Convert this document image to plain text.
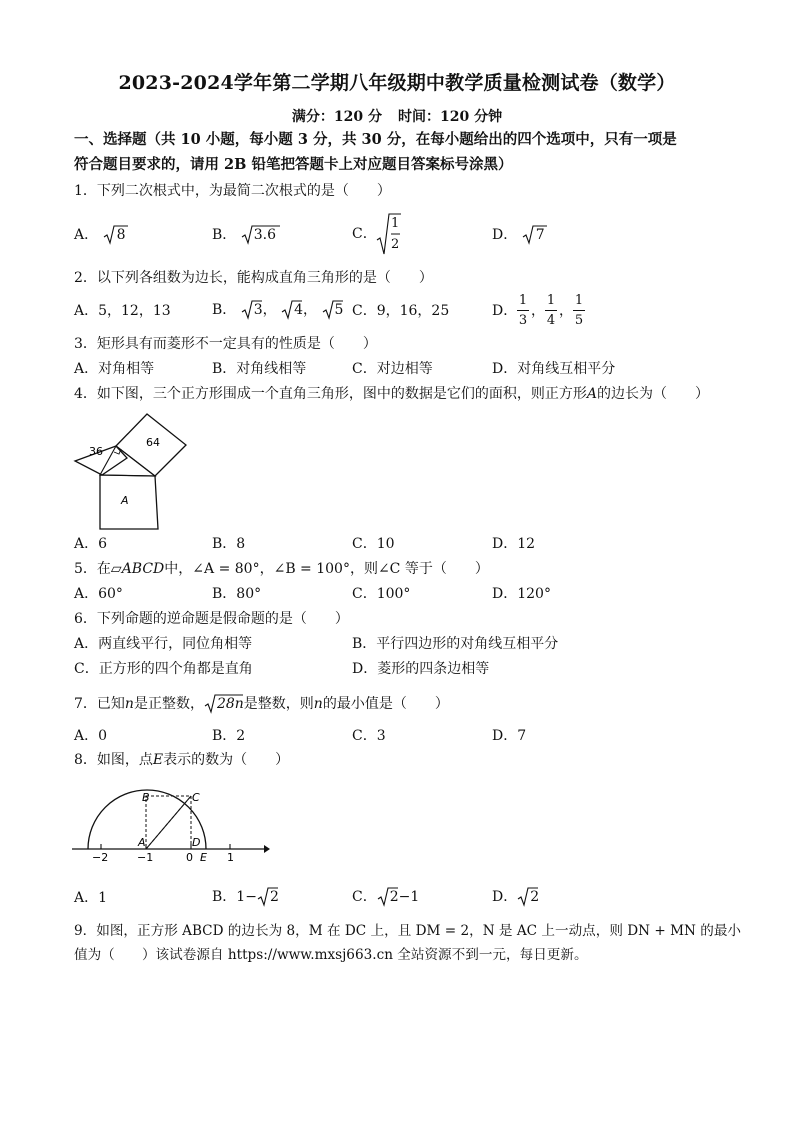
2023-2024学年第二学期八年级期中教学质量检测试卷（数学）
满分：120 分 时间：120 分钟
一、选择题（共 10 小题，每小题 3 分，共 30 分，在每小题给出的四个选项中，只有一项是
符合题目要求的，请用 2B 铅笔把答题卡上对应题目答案标号涂黑）
1．下列二次根式中，为最简二次根式的是（　　）
A． 8	B． 3.6	C．
1
2
D． 7
2．以下列各组数为边长，能构成直角三角形的是（　　）
A．5，12，13	B． 3， 4， 5 C．9，16，25	D．
1
3
，
1
4
，
1
5
3．矩形具有而菱形不一定具有的性质是（　　）
A．对角相等	B．对角线相等	C．对边相等	D．对角线互相平分
4．如下图，三个正方形围成一个直角三角形，图中的数据是它们的面积，则正方形A的边长为（　　）
36
64
A
A．6	B．8	C．10	D．12
5．在▱ABCD中，∠A = 80°，∠B = 100°，则∠C 等于（　　）
A．60°	B．80°	C．100°	D．120°
6．下列命题的逆命题是假命题的是（　　）
A．两直线平行，同位角相等	B．平行四边形的对角线互相平分
C．正方形的四个角都是直角	D．菱形的四条边相等
7．已知n是正整数， 28n是整数，则n的最小值是（　　）
A．0	B．2	C．3	D．7
8．如图，点E表示的数为（　　）
B	C
A	D
E
−2	−1	0	1
A．1	B．1− 2	C． 2−1	D． 2
9．如图，正方形 ABCD 的边长为 8，M 在 DC 上，且 DM = 2，N 是 AC 上一动点，则 DN + MN 的最小
值为（　　）该试卷源自 https://www.mxsj663.cn 全站资源不到一元，每日更新。
